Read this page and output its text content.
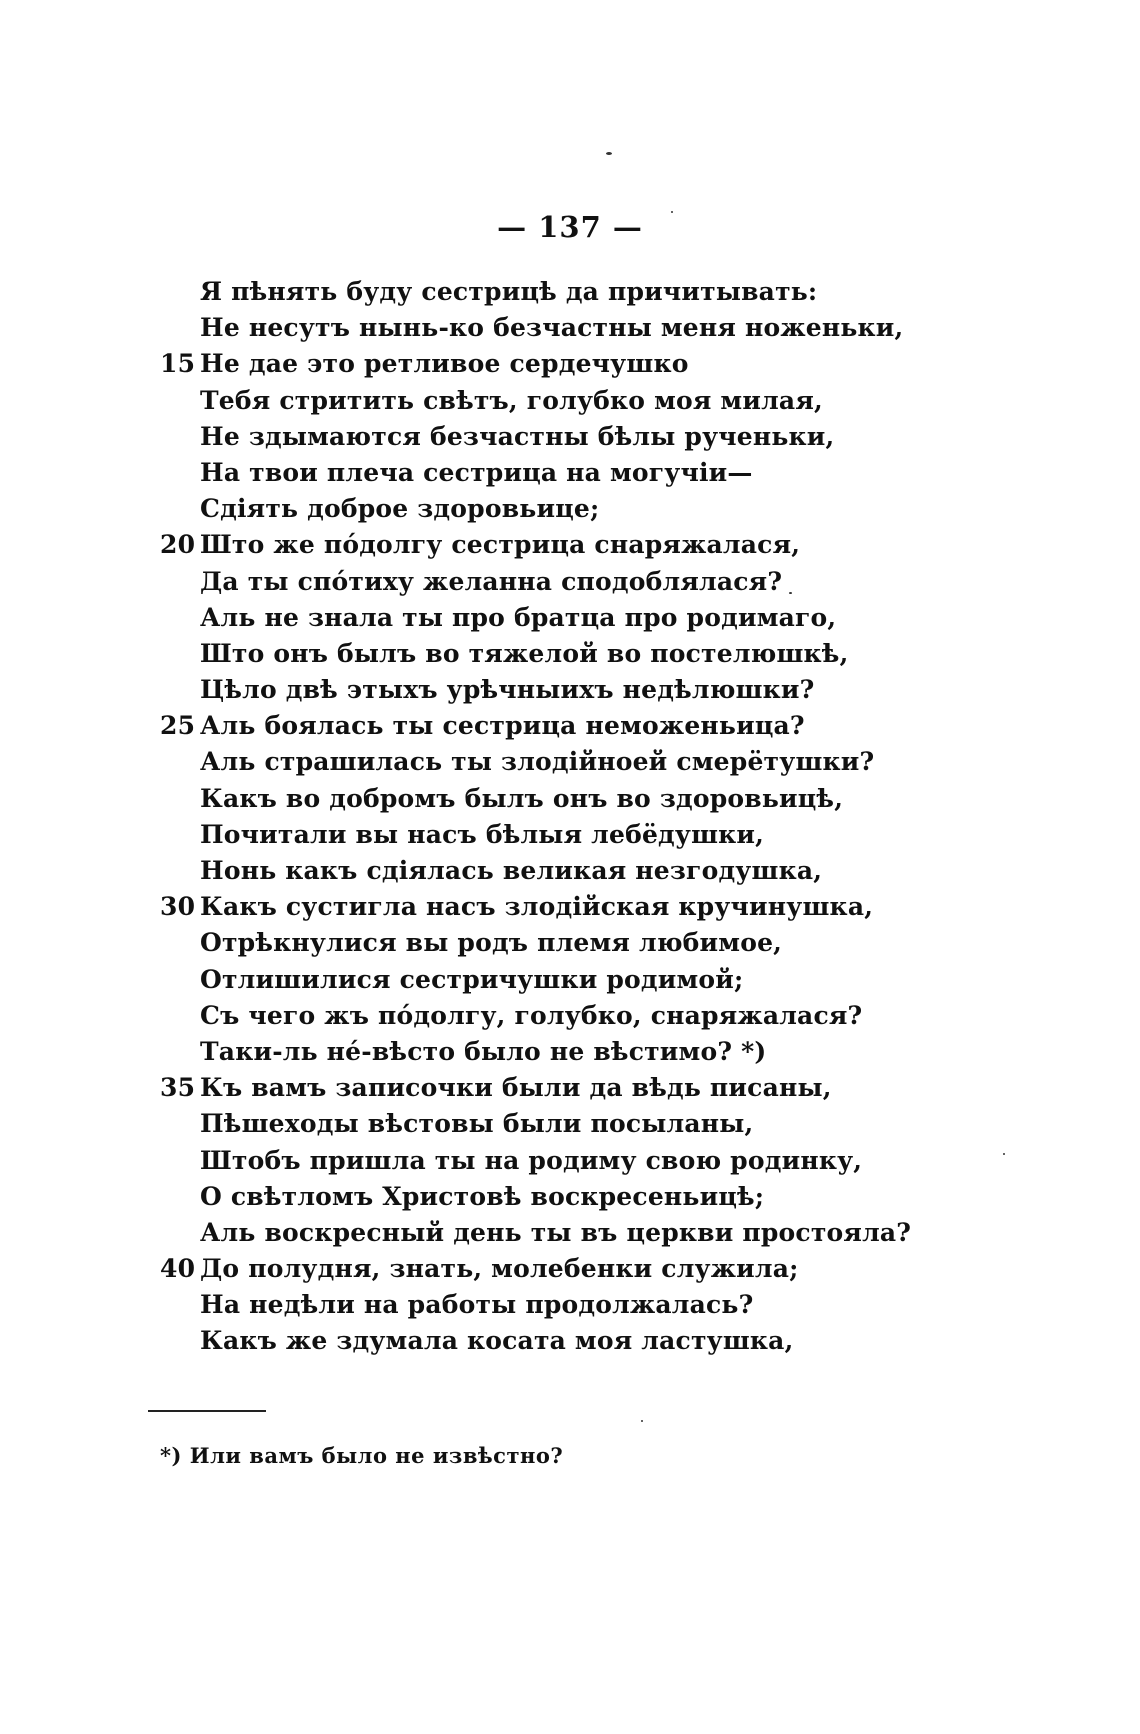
— 137 —
Я пѣнять буду сестрицѣ да причитывать:
Не несутъ нынь-ко безчастны меня ноженьки,
15 Не дае это ретливое сердечушко
Тебя стритить свѣтъ, голубко моя милая,
Не здымаются безчастны бѣлы рученьки,
На твои плеча сестрица на могучіи—
Сдіять доброе здоровьице;
20 Што же пóдолгу сестрица снаряжалася,
Да ты спóтиху желанна сподоблялася?
Аль не знала ты про братца про родимаго,
Што онъ былъ во тяжелой во постелюшкѣ,
Цѣло двѣ этыхъ урѣчныихъ недѣлюшки?
25 Аль боялась ты сестрица неможеньица?
Аль страшилась ты злодійноей смерётушки?
Какъ во добромъ былъ онъ во здоровьицѣ,
Почитали вы насъ бѣлыя лебёдушки,
Нонь какъ сдіялась великая незгодушка,
30 Какъ сустигла насъ злодійская кручинушка,
Отрѣкнулися вы родъ племя любимое,
Отлишилися сестричушки родимой;
Съ чего жъ пóдолгу, голубко, снаряжалася?
Таки-ль нé-вѣсто было не вѣстимо? *)
35 Къ вамъ записочки были да вѣдь писаны,
Пѣшеходы вѣстовы были посыланы,
Штобъ пришла ты на родиму свою родинку,
О свѣтломъ Христовѣ воскресеньицѣ;
Аль воскресный день ты въ церкви простояла?
40 До полудня, знать, молебенки служила;
На недѣли на работы продолжалась?
Какъ же здумала косата моя ластушка,
*) Или вамъ было не извѣстно?
